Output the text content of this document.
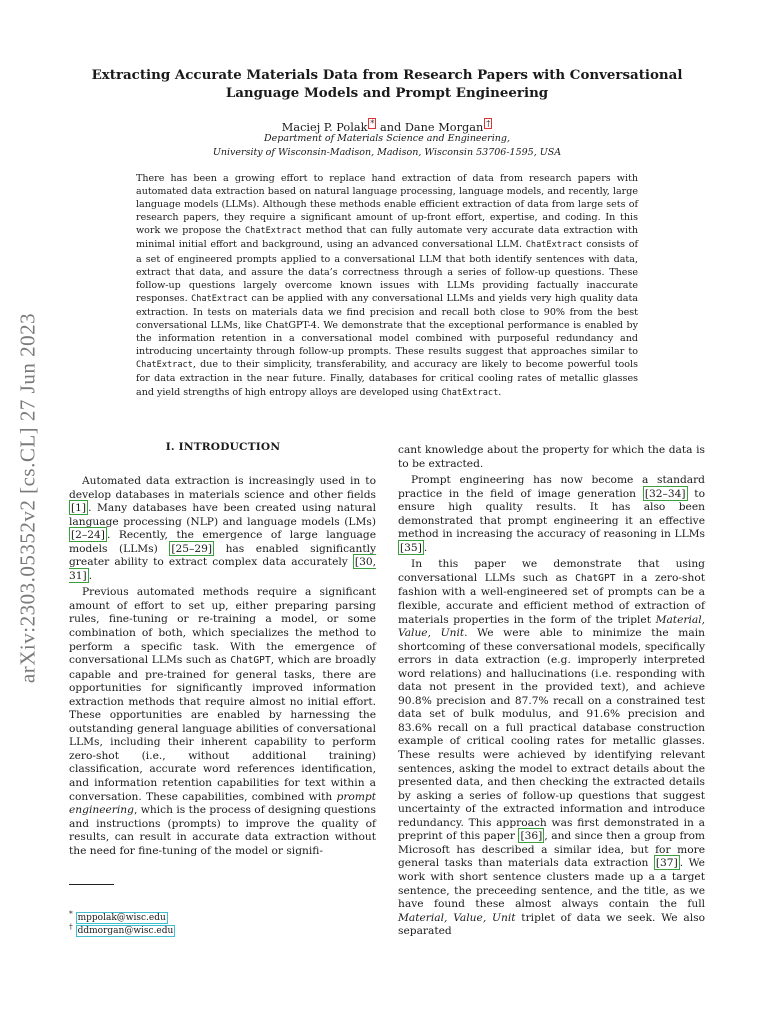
arXiv:2303.05352v2 [cs.CL] 27 Jun 2023
Extracting Accurate Materials Data from Research Papers with Conversational
Language Models and Prompt Engineering
Maciej P. Polak * and Dane Morgan †
Department of Materials Science and Engineering,
University of Wisconsin-Madison, Madison, Wisconsin 53706-1595, USA
There has been a growing effort to replace hand extraction of data from research papers with automated data extraction based on natural language processing, language models, and recently, large language models (LLMs). Although these methods enable efficient extraction of data from large sets of research papers, they require a significant amount of up-front effort, expertise, and coding. In this work we propose the ChatExtract method that can fully automate very accurate data extraction with minimal initial effort and background, using an advanced conversational LLM. ChatExtract consists of a set of engineered prompts applied to a conversational LLM that both identify sentences with data, extract that data, and assure the data’s correctness through a series of follow-up questions. These follow-up questions largely overcome known issues with LLMs providing factually inaccurate responses. ChatExtract can be applied with any conversational LLMs and yields very high quality data extraction. In tests on materials data we find precision and recall both close to 90% from the best conversational LLMs, like ChatGPT-4. We demonstrate that the exceptional performance is enabled by the information retention in a conversational model combined with purposeful redundancy and introducing uncertainty through follow-up prompts. These results suggest that approaches similar to ChatExtract, due to their simplicity, transferability, and accuracy are likely to become powerful tools for data extraction in the near future. Finally, databases for critical cooling rates of metallic glasses and yield strengths of high entropy alloys are developed using ChatExtract.
I. INTRODUCTION

Automated data extraction is increasingly used in to develop databases in materials science and other fields [1] . Many databases have been created using natural language processing (NLP) and language models (LMs) [2–24] . Recently, the emergence of large language models (LLMs) [25–29] has enabled significantly greater ability to extract complex data accurately [30, 31] .

Previous automated methods require a significant amount of effort to set up, either preparing parsing rules, fine-tuning or re-training a model, or some combination of both, which specializes the method to perform a specific task. With the emergence of conversational LLMs such as ChatGPT, which are broadly capable and pre-trained for general tasks, there are opportunities for significantly improved information extraction methods that require almost no initial effort. These opportunities are enabled by harnessing the outstanding general language abilities of conversational LLMs, including their inherent capability to perform zero-shot (i.e., without additional training) classification, accurate word references identification, and information retention capabilities for text within a conversation. These capabilities, combined with prompt engineering, which is the process of designing questions and instructions (prompts) to improve the quality of results, can result in accurate data extraction without the need for fine-tuning of the model or signifi-

cant knowledge about the property for which the data is to be extracted.

Prompt engineering has now become a standard practice in the field of image generation [32–34] to ensure high quality results. It has also been demonstrated that prompt engineering it an effective method in increasing the accuracy of reasoning in LLMs [35] .

In this paper we demonstrate that using conversational LLMs such as ChatGPT in a zero-shot fashion with a well-engineered set of prompts can be a flexible, accurate and efficient method of extraction of materials properties in the form of the triplet Material, Value, Unit. We were able to minimize the main shortcoming of these conversational models, specifically errors in data extraction (e.g. improperly interpreted word relations) and hallucinations (i.e. responding with data not present in the provided text), and achieve 90.8% precision and 87.7% recall on a constrained test data set of bulk modulus, and 91.6% precision and 83.6% recall on a full practical database construction example of critical cooling rates for metallic glasses. These results were achieved by identifying relevant sentences, asking the model to extract details about the presented data, and then checking the extracted details by asking a series of follow-up questions that suggest uncertainty of the extracted information and introduce redundancy. This approach was first demonstrated in a preprint of this paper [36] , and since then a group from Microsoft has described a similar idea, but for more general tasks than materials data extraction [37] . We work with short sentence clusters made up a a target sentence, the preceeding sentence, and the title, as we have found these almost always contain the full Material, Value, Unit triplet of data we seek. We also separated

* mppolak@wisc.edu
† ddmorgan@wisc.edu
